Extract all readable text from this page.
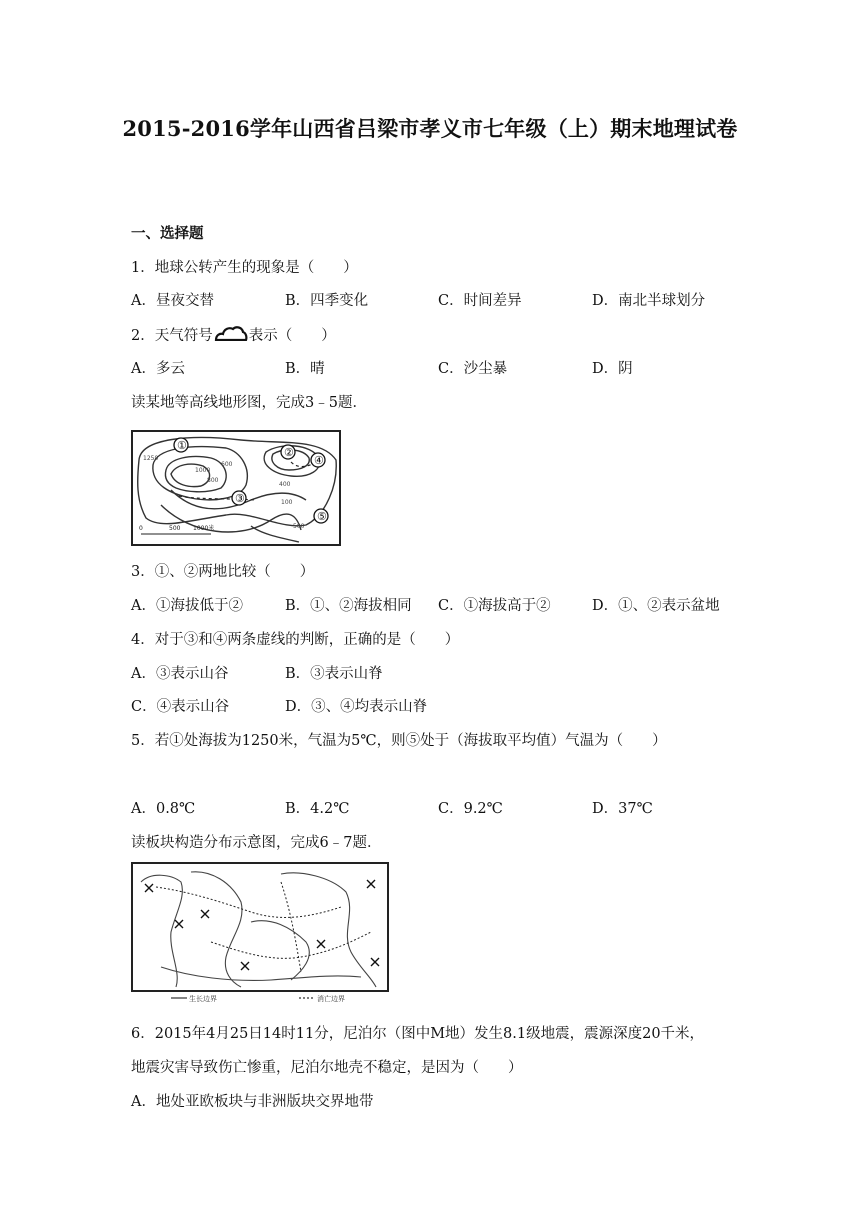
2015-2016学年山西省吕梁市孝义市七年级（上）期末地理试卷
一、选择题
1．地球公转产生的现象是（　　）
A．昼夜交替	B．四季变化	C．时间差异	D．南北半球划分
2．天气符号 表示（　　）
A．多云	B．晴	C．沙尘暴	D．阴
读某地等高线地形图，完成3﹣5题．
①
②
③
④
⑤
1250
1000
800
600
400
100
500
0	500 1000米
3．①、②两地比较（　　）
A．①海拔低于②	B．①、②海拔相同 C．①海拔高于②	D．①、②表示盆地
4．对于③和④两条虚线的判断，正确的是（　　）
A．③表示山谷	B．③表示山脊
C．④表示山谷	D．③、④均表示山脊
5．若①处海拔为1250米，气温为5℃，则⑤处于（海拔取平均值）气温为（　　）
A．0.8℃	B．4.2℃	C．9.2℃	D．37℃
读板块构造分布示意图，完成6﹣7题．
生长边界	消亡边界
6．2015年4月25日14时11分，尼泊尔（图中M地）发生8.1级地震，震源深度20千米，
地震灾害导致伤亡惨重，尼泊尔地壳不稳定，是因为（　　）
A．地处亚欧板块与非洲版块交界地带
